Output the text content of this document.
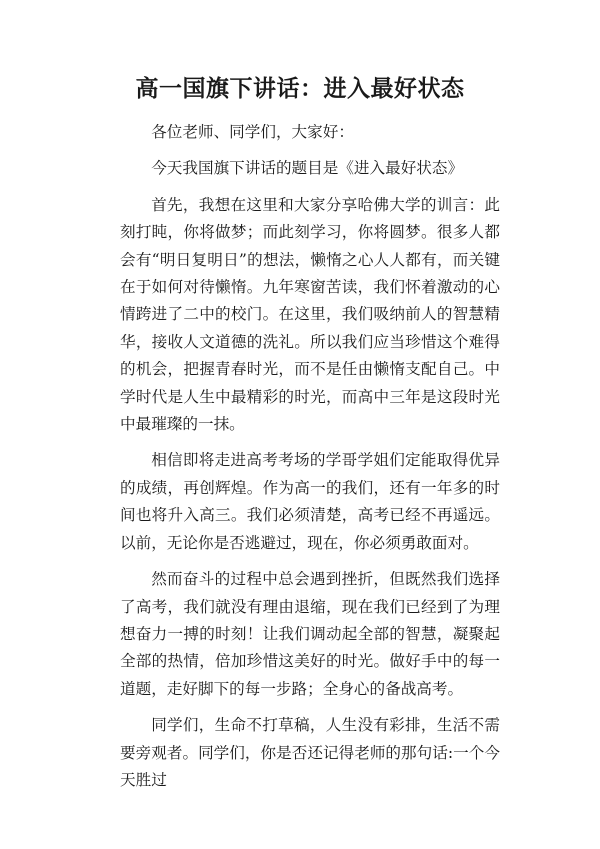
高一国旗下讲话：进入最好状态

各位老师、同学们，大家好：

今天我国旗下讲话的题目是《进入最好状态》

首先，我想在这里和大家分享哈佛大学的训言：此刻打盹，你将做梦；而此刻学习，你将圆梦。很多人都会有“明日复明日”的想法，懒惰之心人人都有，而关键在于如何对待懒惰。九年寒窗苦读，我们怀着激动的心情跨进了二中的校门。在这里，我们吸纳前人的智慧精华，接收人文道德的洗礼。所以我们应当珍惜这个难得的机会，把握青春时光，而不是任由懒惰支配自己。中学时代是人生中最精彩的时光，而高中三年是这段时光中最璀璨的一抹。

相信即将走进高考考场的学哥学姐们定能取得优异的成绩，再创辉煌。作为高一的我们，还有一年多的时间也将升入高三。我们必须清楚，高考已经不再遥远。以前，无论你是否逃避过，现在，你必须勇敢面对。

然而奋斗的过程中总会遇到挫折，但既然我们选择了高考，我们就没有理由退缩，现在我们已经到了为理想奋力一搏的时刻！让我们调动起全部的智慧，凝聚起全部的热情，倍加珍惜这美好的时光。做好手中的每一道题，走好脚下的每一步路；全身心的备战高考。

同学们，生命不打草稿，人生没有彩排，生活不需要旁观者。同学们，你是否还记得老师的那句话:一个今天胜过
